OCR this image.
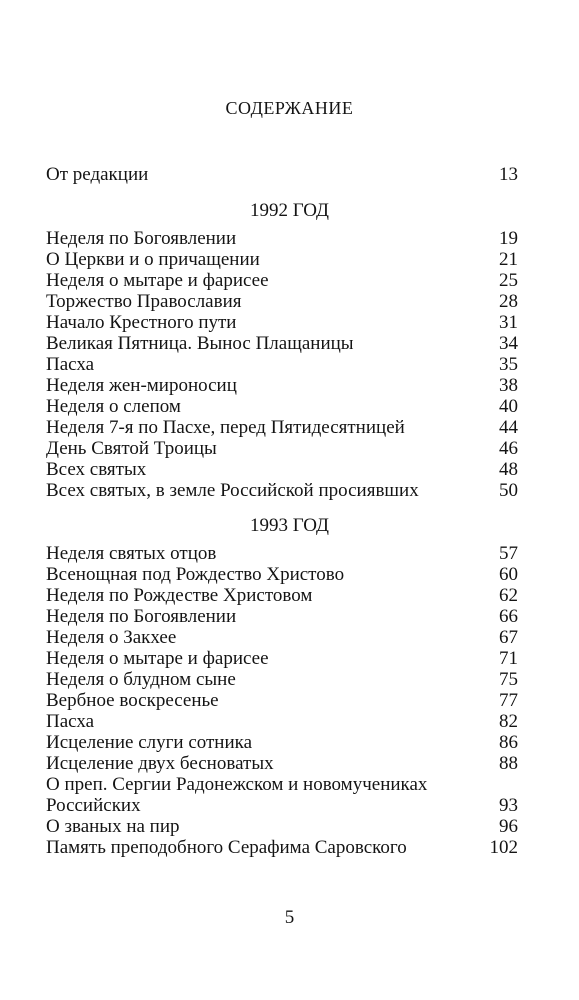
СОДЕРЖАНИЕ
От редакции	13
1992 ГОД
Неделя по Богоявлении	19
О Церкви и о причащении	21
Неделя о мытаре и фарисее	25
Торжество Православия	28
Начало Крестного пути	31
Великая Пятница. Вынос Плащаницы	34
Пасха	35
Неделя жен-мироносиц	38
Неделя о слепом	40
Неделя 7-я по Пасхе, перед Пятидесятницей	44
День Святой Троицы	46
Всех святых	48
Всех святых, в земле Российской просиявших	50
1993 ГОД
Неделя святых отцов	57
Всенощная под Рождество Христово	60
Неделя по Рождестве Христовом	62
Неделя по Богоявлении	66
Неделя о Закхее	67
Неделя о мытаре и фарисее	71
Неделя о блудном сыне	75
Вербное воскресенье	77
Пасха	82
Исцеление слуги сотника	86
Исцеление двух бесноватых	88
О преп. Сергии Радонежском и новомучениках
Российских	93
О званых на пир	96
Память преподобного Серафима Саровского	102
5
